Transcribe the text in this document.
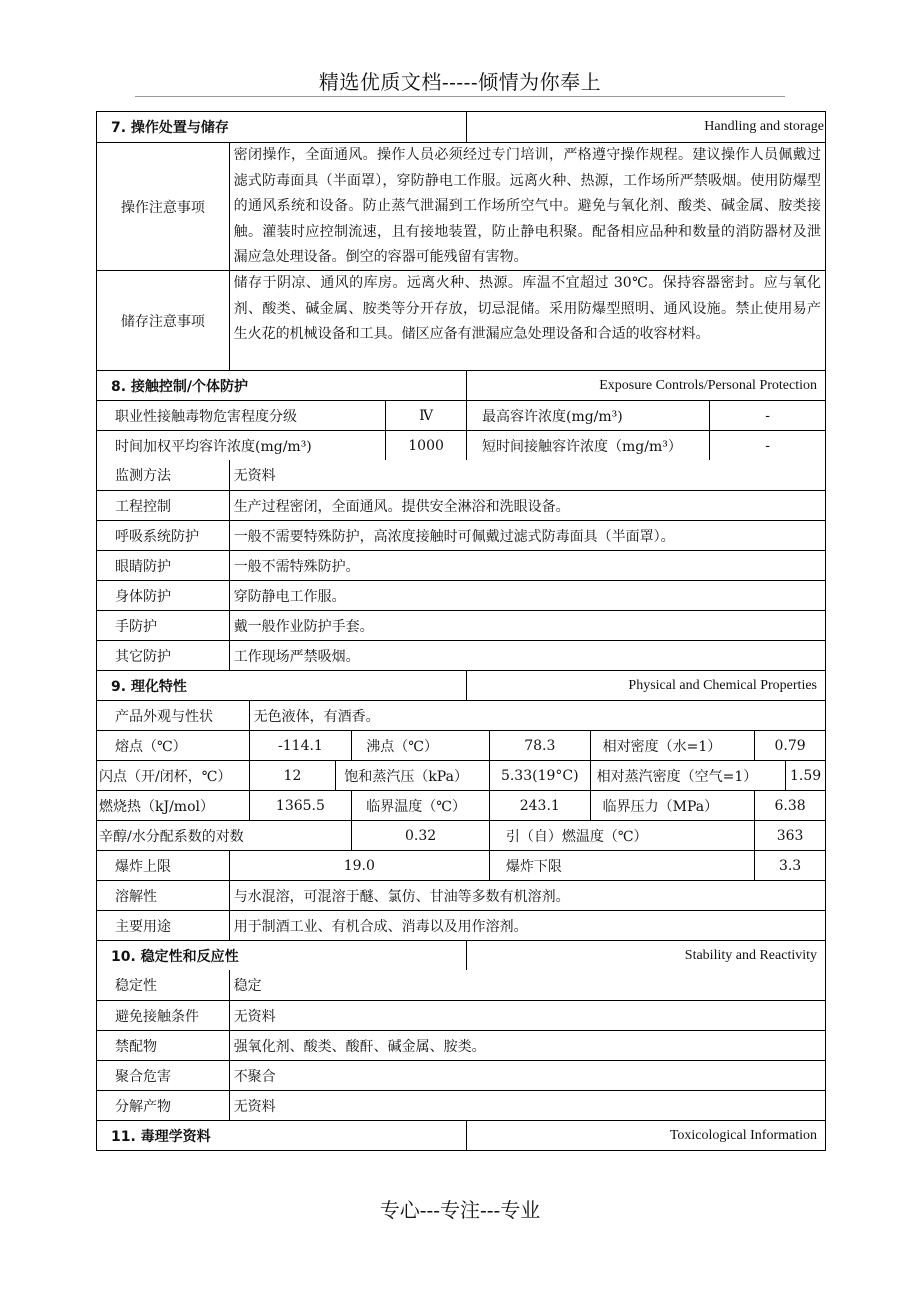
精选优质文档-----倾情为你奉上
7. 操作处置与储存	Handling and storage
操作注意事项
密闭操作，全面通风。操作人员必须经过专门培训，严格遵守操作规程。建议操作人员佩戴过滤式防毒面具（半面罩），穿防静电工作服。远离火种、热源，工作场所严禁吸烟。使用防爆型的通风系统和设备。防止蒸气泄漏到工作场所空气中。避免与氧化剂、酸类、碱金属、胺类接触。灌装时应控制流速，且有接地装置，防止静电积聚。配备相应品种和数量的消防器材及泄漏应急处理设备。倒空的容器可能残留有害物。
储存注意事项
储存于阴凉、通风的库房。远离火种、热源。库温不宜超过 30℃。保持容器密封。应与氧化剂、酸类、碱金属、胺类等分开存放，切忌混储。采用防爆型照明、通风设施。禁止使用易产生火花的机械设备和工具。储区应备有泄漏应急处理设备和合适的收容材料。
8. 接触控制/个体防护	Exposure Controls/Personal Protection
职业性接触毒物危害程度分级	Ⅳ	最高容许浓度(mg/m³)	-
时间加权平均容许浓度(mg/m³)	1000	短时间接触容许浓度（mg/m³）	-
监测方法	无资料
工程控制	生产过程密闭，全面通风。提供安全淋浴和洗眼设备。
呼吸系统防护	一般不需要特殊防护，高浓度接触时可佩戴过滤式防毒面具（半面罩）。
眼睛防护	一般不需特殊防护。
身体防护	穿防静电工作服。
手防护	戴一般作业防护手套。
其它防护	工作现场严禁吸烟。
9. 理化特性	Physical and Chemical Properties
产品外观与性状	无色液体，有酒香。
熔点（℃）	-114.1	沸点（℃）	78.3	相对密度（水=1）	0.79
闪点（开/闭杯，℃）	12	饱和蒸汽压（kPa）	5.33(19°C)	相对蒸汽密度（空气=1）	1.59
燃烧热（kJ/mol）	1365.5	临界温度（℃）	243.1	临界压力（MPa）	6.38
辛醇/水分配系数的对数	0.32	引（自）燃温度（℃）	363
爆炸上限	19.0	爆炸下限	3.3
溶解性	与水混溶，可混溶于醚、氯仿、甘油等多数有机溶剂。
主要用途	用于制酒工业、有机合成、消毒以及用作溶剂。
10. 稳定性和反应性	Stability and Reactivity
稳定性	稳定
避免接触条件	无资料
禁配物	强氧化剂、酸类、酸酐、碱金属、胺类。
聚合危害	不聚合
分解产物	无资料
11. 毒理学资料	Toxicological Information
专心---专注---专业
